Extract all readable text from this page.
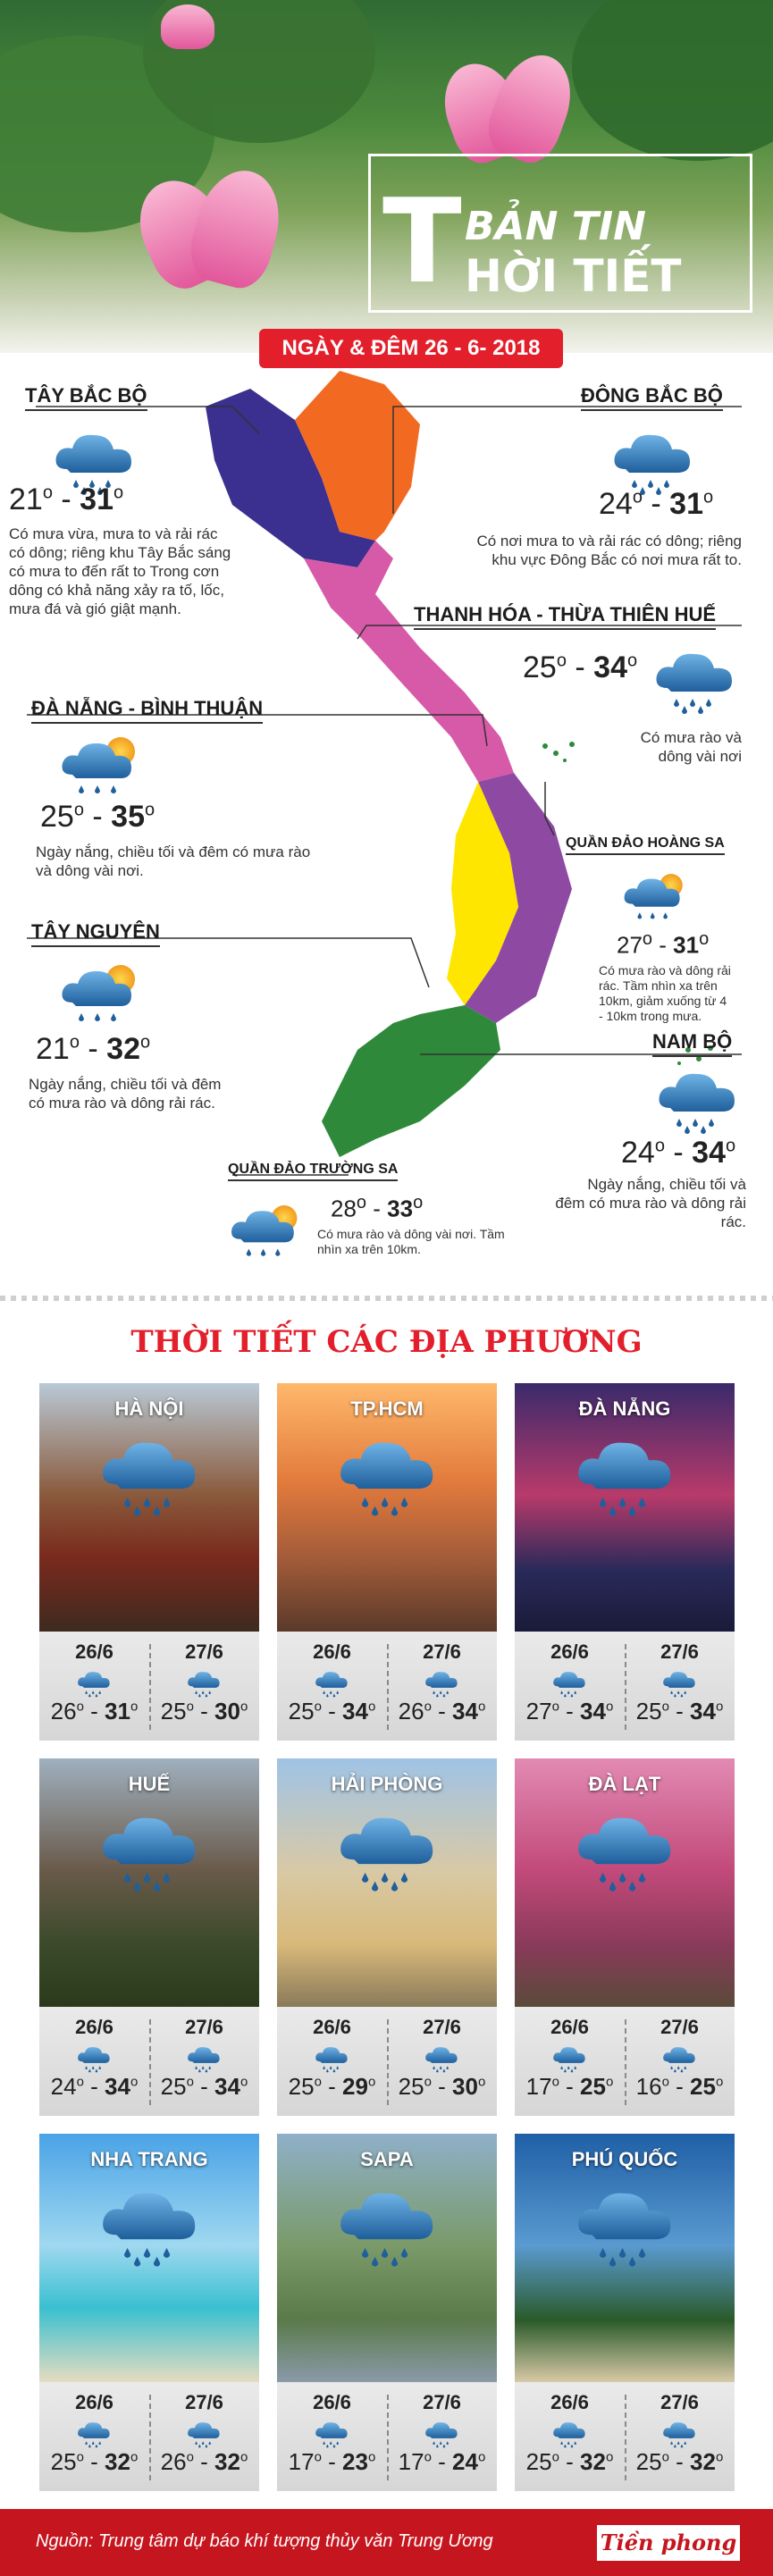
T BẢN TIN
HỜI TIẾT
NGÀY & ĐÊM 26 - 6- 2018
TÂY BẮC BỘ
21$^o$ - 31$^o$
Có mưa vừa, mưa to và rải rác có dông; riêng khu Tây Bắc sáng có mưa to đến rất to Trong cơn dông có khả năng xảy ra tố, lốc, mưa đá và gió giật mạnh.
ĐÔNG BẮC BỘ
24$^o$ - 31$^o$
Có nơi mưa to và rải rác có dông; riêng khu vực Đông Bắc có nơi mưa rất to.
THANH HÓA - THỪA THIÊN HUẾ
25$^o$ - 34$^o$
Có mưa rào và dông vài nơi
ĐÀ NẴNG - BÌNH THUẬN
25$^o$ - 35$^o$
Ngày nắng, chiều tối và đêm có mưa rào và dông vài nơi.
QUẦN ĐẢO HOÀNG SA
27$^o$ - 31$^o$
Có mưa rào và dông rải rác. Tầm nhìn xa trên 10km, giảm xuống từ 4 - 10km trong mưa.
TÂY NGUYÊN
21$^o$ - 32$^o$
Ngày nắng, chiều tối và đêm có mưa rào và dông rải rác.
NAM BỘ
24$^o$ - 34$^o$
Ngày nắng, chiều tối và đêm có mưa rào và dông rải rác.
QUẦN ĐẢO TRƯỜNG SA
28$^o$ - 33$^o$
Có mưa rào và dông vài nơi. Tầm nhìn xa trên 10km.
THỜI TIẾT CÁC ĐỊA PHƯƠNG
HÀ NỘI
26/6	27/6
26$^o$ - 31$^o$ 25$^o$ - 30$^o$
TP.HCM
26/6	27/6
25$^o$ - 34$^o$ 26$^o$ - 34$^o$
ĐÀ NẴNG
26/6	27/6
27$^o$ - 34$^o$ 25$^o$ - 34$^o$
HUẾ
26/6	27/6
24$^o$ - 34$^o$ 25$^o$ - 34$^o$
HẢI PHÒNG
26/6	27/6
25$^o$ - 29$^o$ 25$^o$ - 30$^o$
ĐÀ LẠT
26/6	27/6
17$^o$ - 25$^o$ 16$^o$ - 25$^o$
NHA TRANG
26/6	27/6
25$^o$ - 32$^o$ 26$^o$ - 32$^o$
SAPA
26/6	27/6
17$^o$ - 23$^o$ 17$^o$ - 24$^o$
PHÚ QUỐC
26/6	27/6
25$^o$ - 32$^o$ 25$^o$ - 32$^o$
Nguồn: Trung tâm dự báo khí tượng thủy văn Trung Ương	Tiền phong
